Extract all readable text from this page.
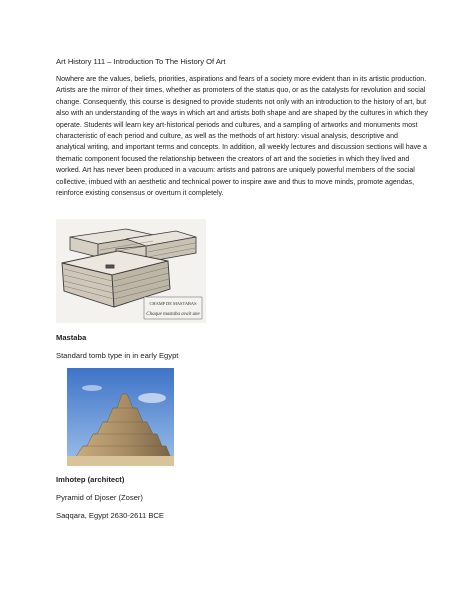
Art History 111 – Introduction To The History Of Art

Nowhere are the values, beliefs, priorities, aspirations and fears of a society more evident than in its artistic production. Artists are the mirror of their times, whether as promoters of the status quo, or as the catalysts for revolution and social change. Consequently, this course is designed to provide students not only with an introduction to the history of art, but also with an understanding of the ways in which art and artists both shape and are shaped by the cultures in which they operate. Students will learn key art-historical periods and cultures, and a sampling of artworks and monuments most characteristic of each period and culture, as well as the methods of art history: visual analysis, descriptive and analytical writing, and important terms and concepts. In addition, all weekly lectures and discussion sections will have a thematic component focused the relationship between the creators of art and the societies in which they lived and worked. Art has never been produced in a vacuum: artists and patrons are uniquely powerful members of the social collective, imbued with an aesthetic and technical power to inspire awe and thus to move minds, promote agendas, reinforce existing consensus or overturn it completely.

CHAMP DE MASTABAS
Chaque mastaba avait une
Mastaba
Standard tomb type in in early Egypt
Imhotep (architect)
Pyramid of Djoser (Zoser)
Saqqara, Egypt 2630-2611 BCE
